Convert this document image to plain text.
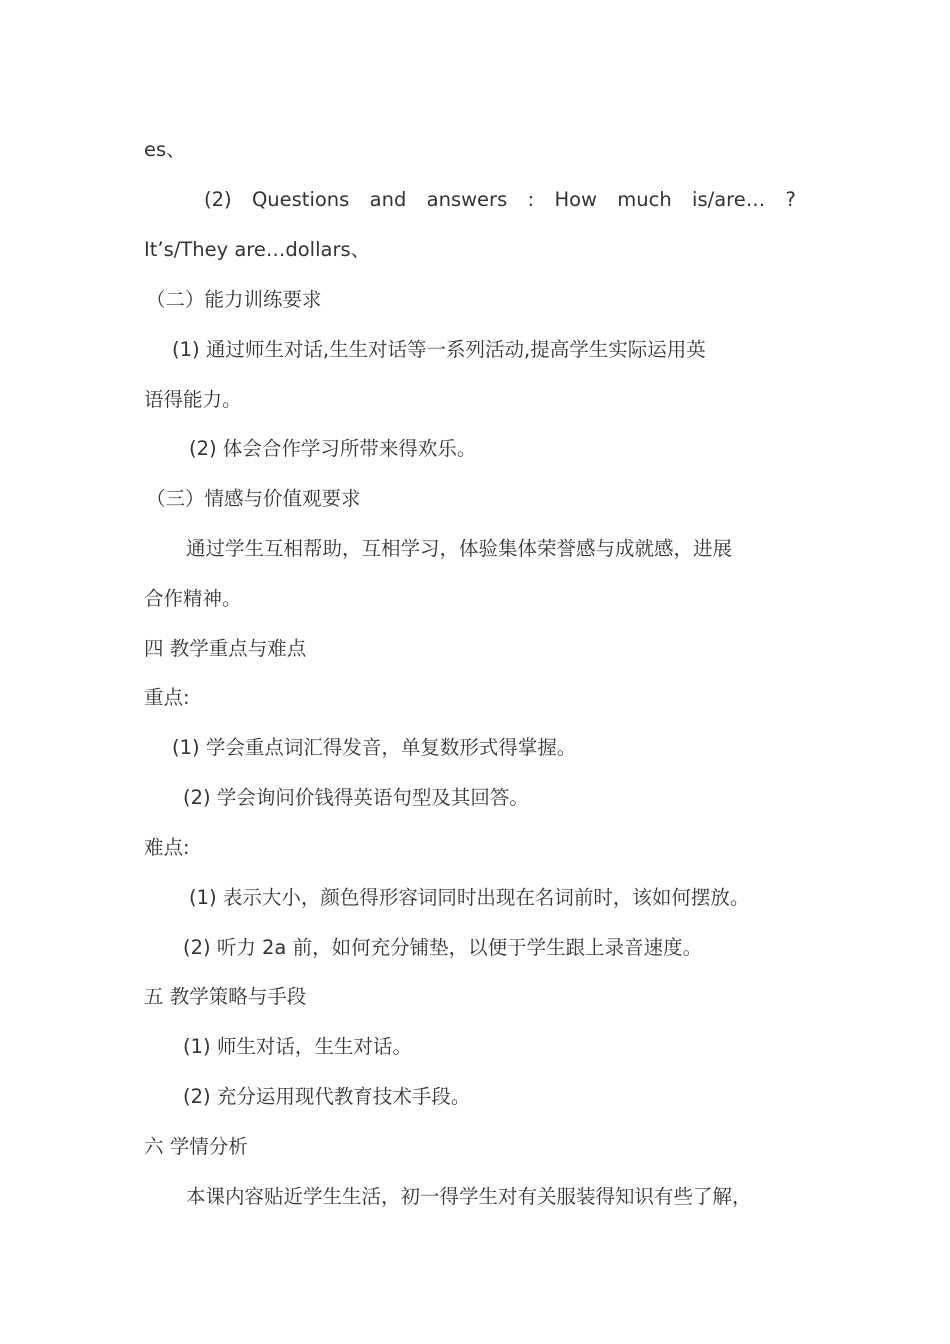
es、
(2) Questions and answers : How much is/are… ?
It’s/They are…dollars、
（二）能力训练要求
(1) 通过师生对话,生生对话等一系列活动,提高学生实际运用英
语得能力。
(2) 体会合作学习所带来得欢乐。
（三）情感与价值观要求
通过学生互相帮助，互相学习，体验集体荣誉感与成就感，进展
合作精神。
四 教学重点与难点
重点:
(1) 学会重点词汇得发音，单复数形式得掌握。
(2) 学会询问价钱得英语句型及其回答。
难点:
(1) 表示大小，颜色得形容词同时出现在名词前时，该如何摆放。
(2) 听力 2a 前，如何充分铺垫，以便于学生跟上录音速度。
五 教学策略与手段
(1) 师生对话，生生对话。
(2) 充分运用现代教育技术手段。
六 学情分析
本课内容贴近学生生活，初一得学生对有关服装得知识有些了解，
